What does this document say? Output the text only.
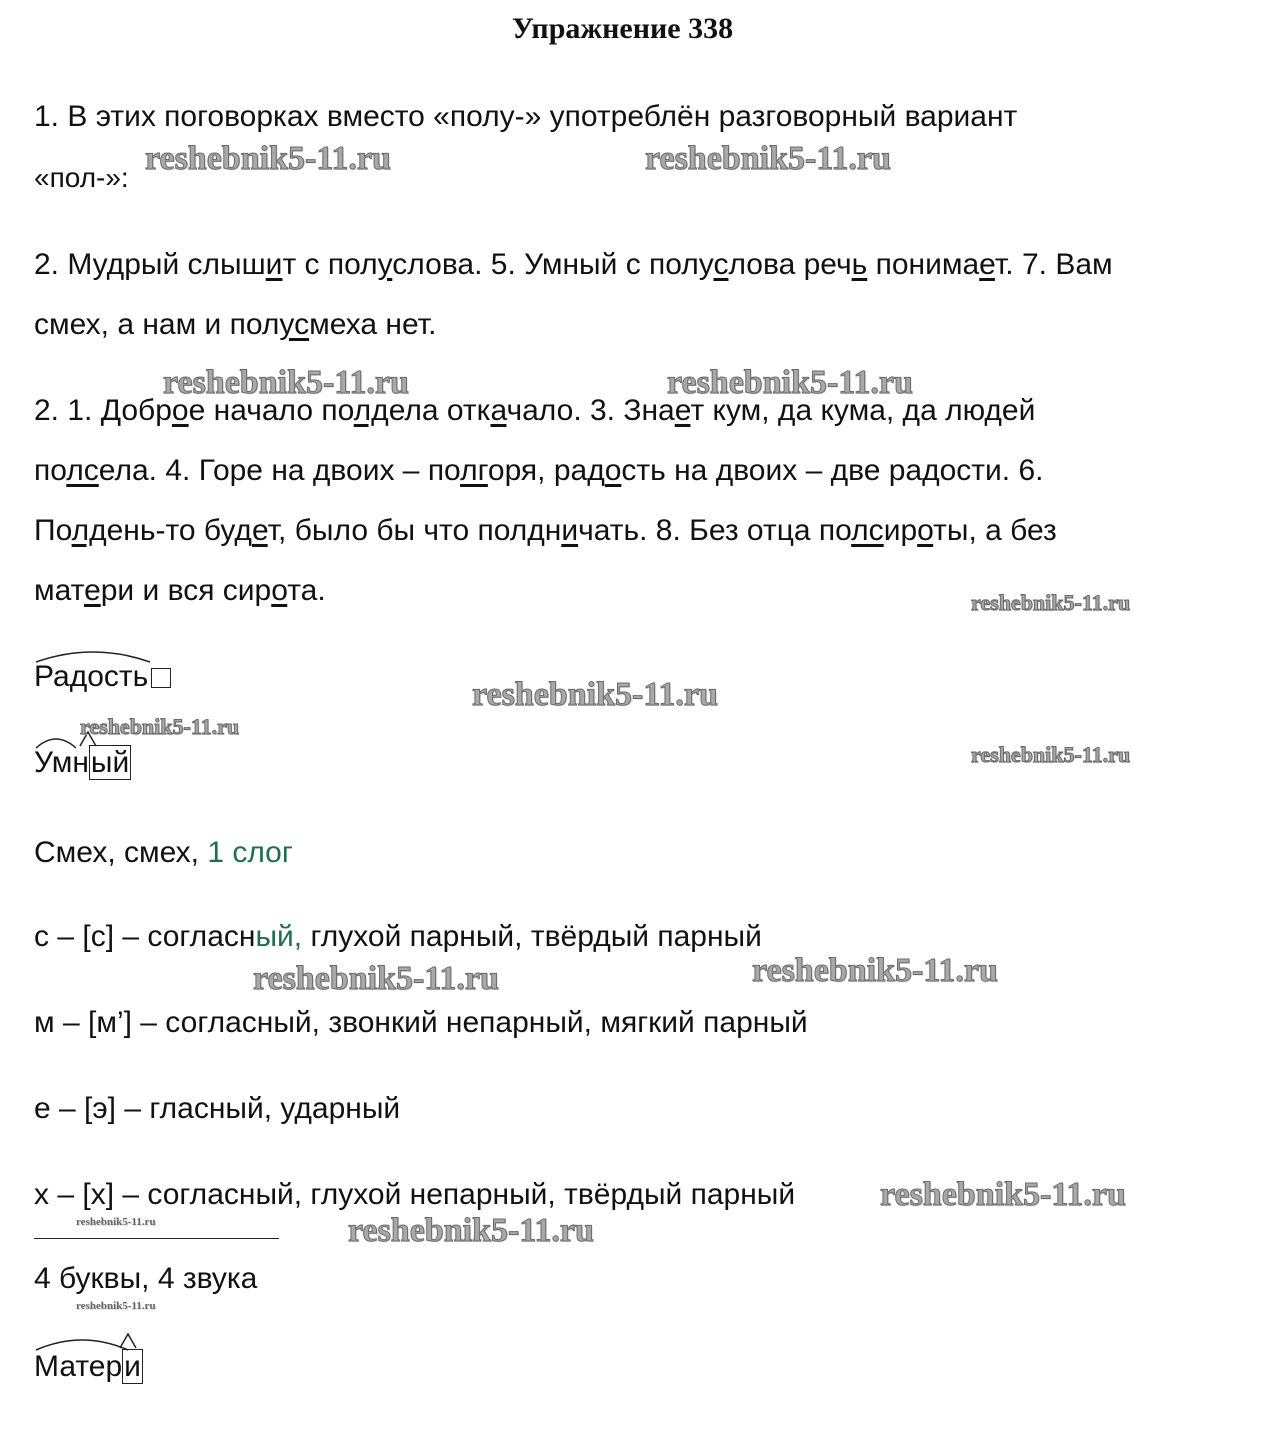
Упражнение 338
1. В этих поговорках вместо «полу-» употреблён разговорный вариант
«пол-»:
2. Мудрый слышит с полуслова. 5. Умный с полуслова речь понимает. 7. Вам
смех, а нам и полусмеха нет.
2. 1. Доброе начало полдела откачало. 3. Знает кум, да кума, да людей
полсела. 4. Горе на двоих – полгоря, радость на двоих – две радости. 6.
Полдень-то будет, было бы что полдничать. 8. Без отца полсироты, а без
матери и вся сирота.
Радость
Умный
Смех, смех, 1 слог
с – [с] – согласный, глухой парный, твёрдый парный
м – [м’] – согласный, звонкий непарный, мягкий парный
е – [э] – гласный, ударный
х – [х] – согласный, глухой непарный, твёрдый парный
4 буквы, 4 звука
Матери
reshebnik5-11.ru	reshebnik5-11.ru
reshebnik5-11.ru	reshebnik5-11.ru
reshebnik5-11.ru
reshebnik5-11.ru
reshebnik5-11.ru
reshebnik5-11.ru
reshebnik5-11.ru	reshebnik5-11.ru
reshebnik5-11.ru
reshebnik5-11.ru
reshebnik5-11.ru
reshebnik5-11.ru
